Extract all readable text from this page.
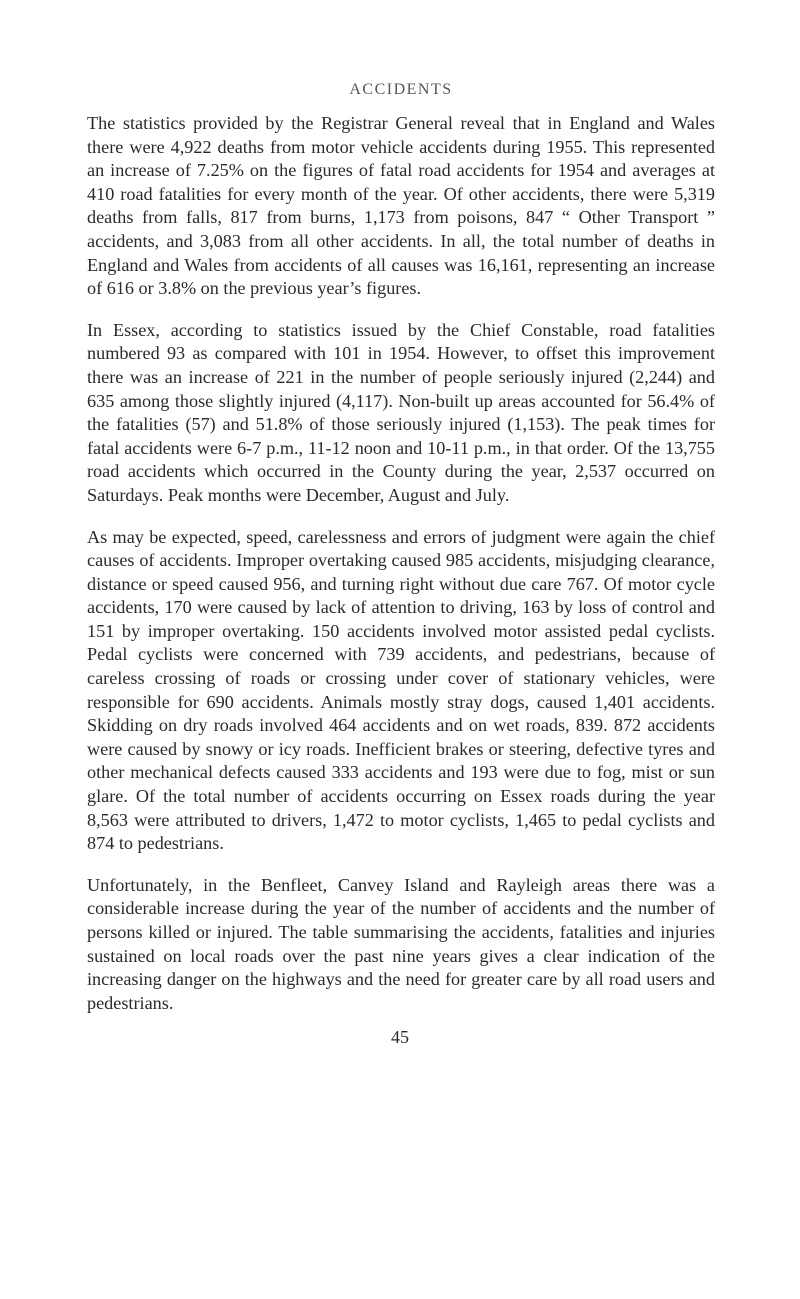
ACCIDENTS

The statistics provided by the Registrar General reveal that in England and Wales there were 4,922 deaths from motor vehicle accidents during 1955. This represented an increase of 7.25% on the figures of fatal road accidents for 1954 and averages at 410 road fatalities for every month of the year. Of other accidents, there were 5,319 deaths from falls, 817 from burns, 1,173 from poisons, 847 “ Other Transport ” accidents, and 3,083 from all other accidents. In all, the total number of deaths in England and Wales from accidents of all causes was 16,161, representing an increase of 616 or 3.8% on the previous year’s figures.

In Essex, according to statistics issued by the Chief Constable, road fatalities numbered 93 as compared with 101 in 1954. However, to offset this improvement there was an increase of 221 in the number of people seriously injured (2,244) and 635 among those slightly injured (4,117). Non-built up areas accounted for 56.4% of the fatalities (57) and 51.8% of those seriously injured (1,153). The peak times for fatal accidents were 6-7 p.m., 11-12 noon and 10-11 p.m., in that order. Of the 13,755 road accidents which occurred in the County during the year, 2,537 occurred on Saturdays. Peak months were December, August and July.

As may be expected, speed, carelessness and errors of judgment were again the chief causes of accidents. Improper overtaking caused 985 accidents, misjudging clearance, distance or speed caused 956, and turning right without due care 767. Of motor cycle accidents, 170 were caused by lack of attention to driving, 163 by loss of control and 151 by improper overtaking. 150 accidents involved motor assisted pedal cyclists. Pedal cyclists were concerned with 739 accidents, and pedestrians, because of careless crossing of roads or crossing under cover of stationary vehicles, were responsible for 690 accidents. Animals mostly stray dogs, caused 1,401 accidents. Skidding on dry roads involved 464 accidents and on wet roads, 839. 872 accidents were caused by snowy or icy roads. Inefficient brakes or steering, defective tyres and other mechanical defects caused 333 accidents and 193 were due to fog, mist or sun glare. Of the total number of accidents occurring on Essex roads during the year 8,563 were attributed to drivers, 1,472 to motor cyclists, 1,465 to pedal cyclists and 874 to pedestrians.

Unfortunately, in the Benfleet, Canvey Island and Rayleigh areas there was a considerable increase during the year of the number of accidents and the number of persons killed or injured. The table summarising the accidents, fatalities and injuries sustained on local roads over the past nine years gives a clear indication of the increasing danger on the highways and the need for greater care by all road users and pedestrians.

45
